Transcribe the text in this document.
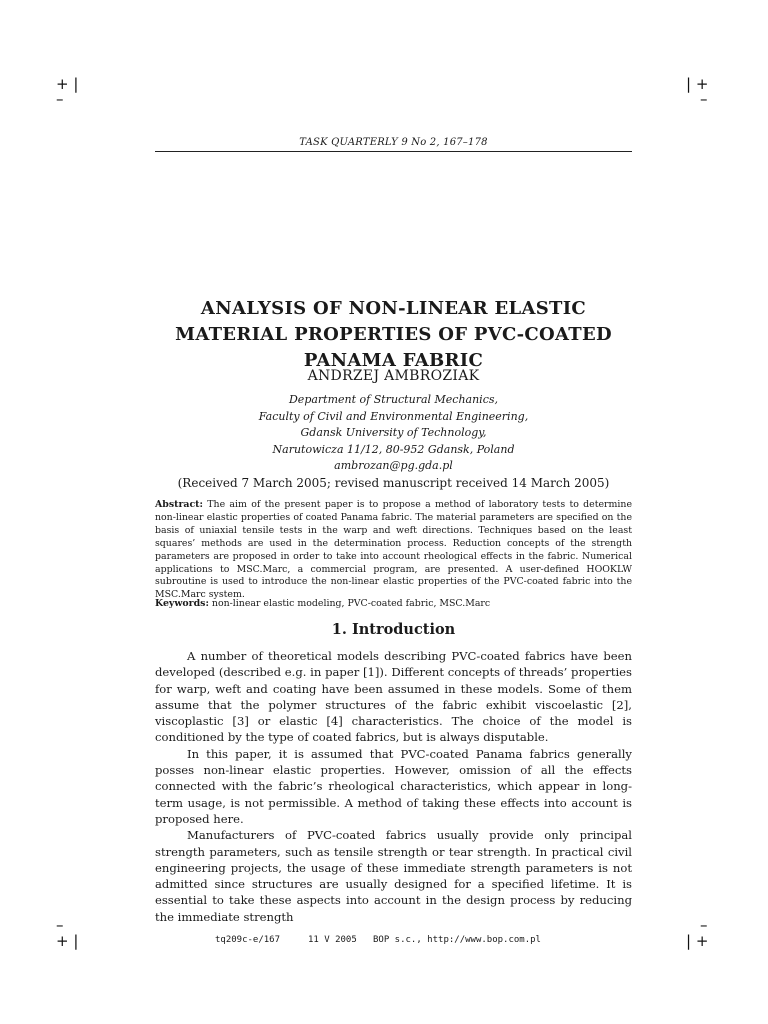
+ |
–
| +
–
–
+ |
–
| +
TASK QUARTERLY 9 No 2, 167–178
ANALYSIS OF NON-LINEAR ELASTIC
MATERIAL PROPERTIES OF PVC-COATED
PANAMA FABRIC
ANDRZEJ AMBROZIAK
Department of Structural Mechanics,
Faculty of Civil and Environmental Engineering,
Gdansk University of Technology,
Narutowicza 11/12, 80-952 Gdansk, Poland
ambrozan@pg.gda.pl
(Received 7 March 2005; revised manuscript received 14 March 2005)
Abstract: The aim of the present paper is to propose a method of laboratory tests to determine non-linear elastic properties of coated Panama fabric. The material parameters are specified on the basis of uniaxial tensile tests in the warp and weft directions. Techniques based on the least squares’ methods are used in the determination process. Reduction concepts of the strength parameters are proposed in order to take into account rheological effects in the fabric. Numerical applications to MSC.Marc, a commercial program, are presented. A user-defined HOOKLW subroutine is used to introduce the non-linear elastic properties of the PVC-coated fabric into the MSC.Marc system.
Keywords: non-linear elastic modeling, PVC-coated fabric, MSC.Marc
1. Introduction

A number of theoretical models describing PVC-coated fabrics have been developed (described e.g. in paper [1]). Different concepts of threads’ properties for warp, weft and coating have been assumed in these models. Some of them assume that the polymer structures of the fabric exhibit viscoelastic [2], viscoplastic [3] or elastic [4] characteristics. The choice of the model is conditioned by the type of coated fabrics, but is always disputable.

In this paper, it is assumed that PVC-coated Panama fabrics generally posses non-linear elastic properties. However, omission of all the effects connected with the fabric’s rheological characteristics, which appear in long-term usage, is not permissible. A method of taking these effects into account is proposed here.

Manufacturers of PVC-coated fabrics usually provide only principal strength parameters, such as tensile strength or tear strength. In practical civil engineering projects, the usage of these immediate strength parameters is not admitted since structures are usually designed for a specified lifetime. It is essential to take these aspects into account in the design process by reducing the immediate strength

tq209c-e/167	11 V 2005 BOP s.c., http://www.bop.com.pl
